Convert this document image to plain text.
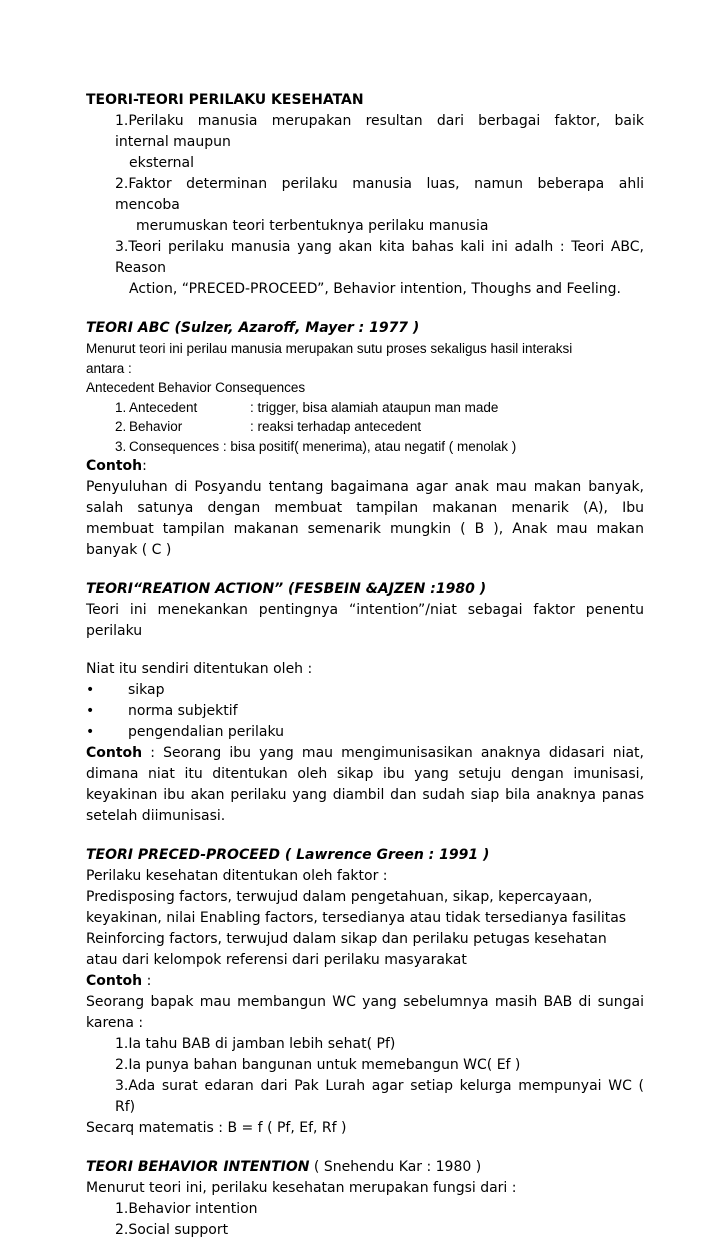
TEORI-TEORI PERILAKU KESEHATAN
1.Perilaku manusia merupakan resultan dari berbagai faktor, baik
internal maupun
eksternal
2.Faktor determinan perilaku manusia luas, namun beberapa ahli
mencoba
merumuskan teori terbentuknya perilaku manusia
3.Teori perilaku manusia yang akan kita bahas kali ini adalh : Teori ABC,
Reason
Action, “PRECED-PROCEED”, Behavior intention, Thoughs and Feeling.
TEORI ABC (Sulzer, Azaroff, Mayer : 1977 )
Menurut teori ini perilau manusia merupakan sutu proses sekaligus hasil interaksi
antara :
Antecedent Behavior Consequences
1. Antecedent	: trigger, bisa alamiah ataupun man made
2. Behavior	: reaksi terhadap antecedent
3. Consequences : bisa positif( menerima), atau negatif ( menolak )
Contoh:
Penyuluhan di Posyandu tentang bagaimana agar anak mau makan banyak,
salah satunya dengan membuat tampilan makanan menarik (A), Ibu
membuat tampilan makanan semenarik mungkin ( B ), Anak mau makan
banyak ( C )
TEORI“REATION ACTION” (FESBEIN &AJZEN :1980 )
Teori ini menekankan pentingnya “intention”/niat sebagai faktor penentu
perilaku
Niat itu sendiri ditentukan oleh :
• sikap
• norma subjektif
• pengendalian perilaku
Contoh : Seorang ibu yang mau mengimunisasikan anaknya didasari niat,
dimana niat itu ditentukan oleh sikap ibu yang setuju dengan imunisasi,
keyakinan ibu akan perilaku yang diambil dan sudah siap bila anaknya panas
setelah diimunisasi.
TEORI PRECED-PROCEED ( Lawrence Green : 1991 )
Perilaku kesehatan ditentukan oleh faktor :
Predisposing factors, terwujud dalam pengetahuan, sikap, kepercayaan,
keyakinan, nilai Enabling factors, tersedianya atau tidak tersedianya fasilitas
Reinforcing factors, terwujud dalam sikap dan perilaku petugas kesehatan
atau dari kelompok referensi dari perilaku masyarakat
Contoh :
Seorang bapak mau membangun WC yang sebelumnya masih BAB di sungai
karena :
1.Ia tahu BAB di jamban lebih sehat( Pf)
2.Ia punya bahan bangunan untuk memebangun WC( Ef )
3.Ada surat edaran dari Pak Lurah agar setiap kelurga mempunyai WC (
Rf)
Secarq matematis : B = f ( Pf, Ef, Rf )
TEORI BEHAVIOR INTENTION ( Snehendu Kar : 1980 )
Menurut teori ini, perilaku kesehatan merupakan fungsi dari :
1.Behavior intention
2.Social support
